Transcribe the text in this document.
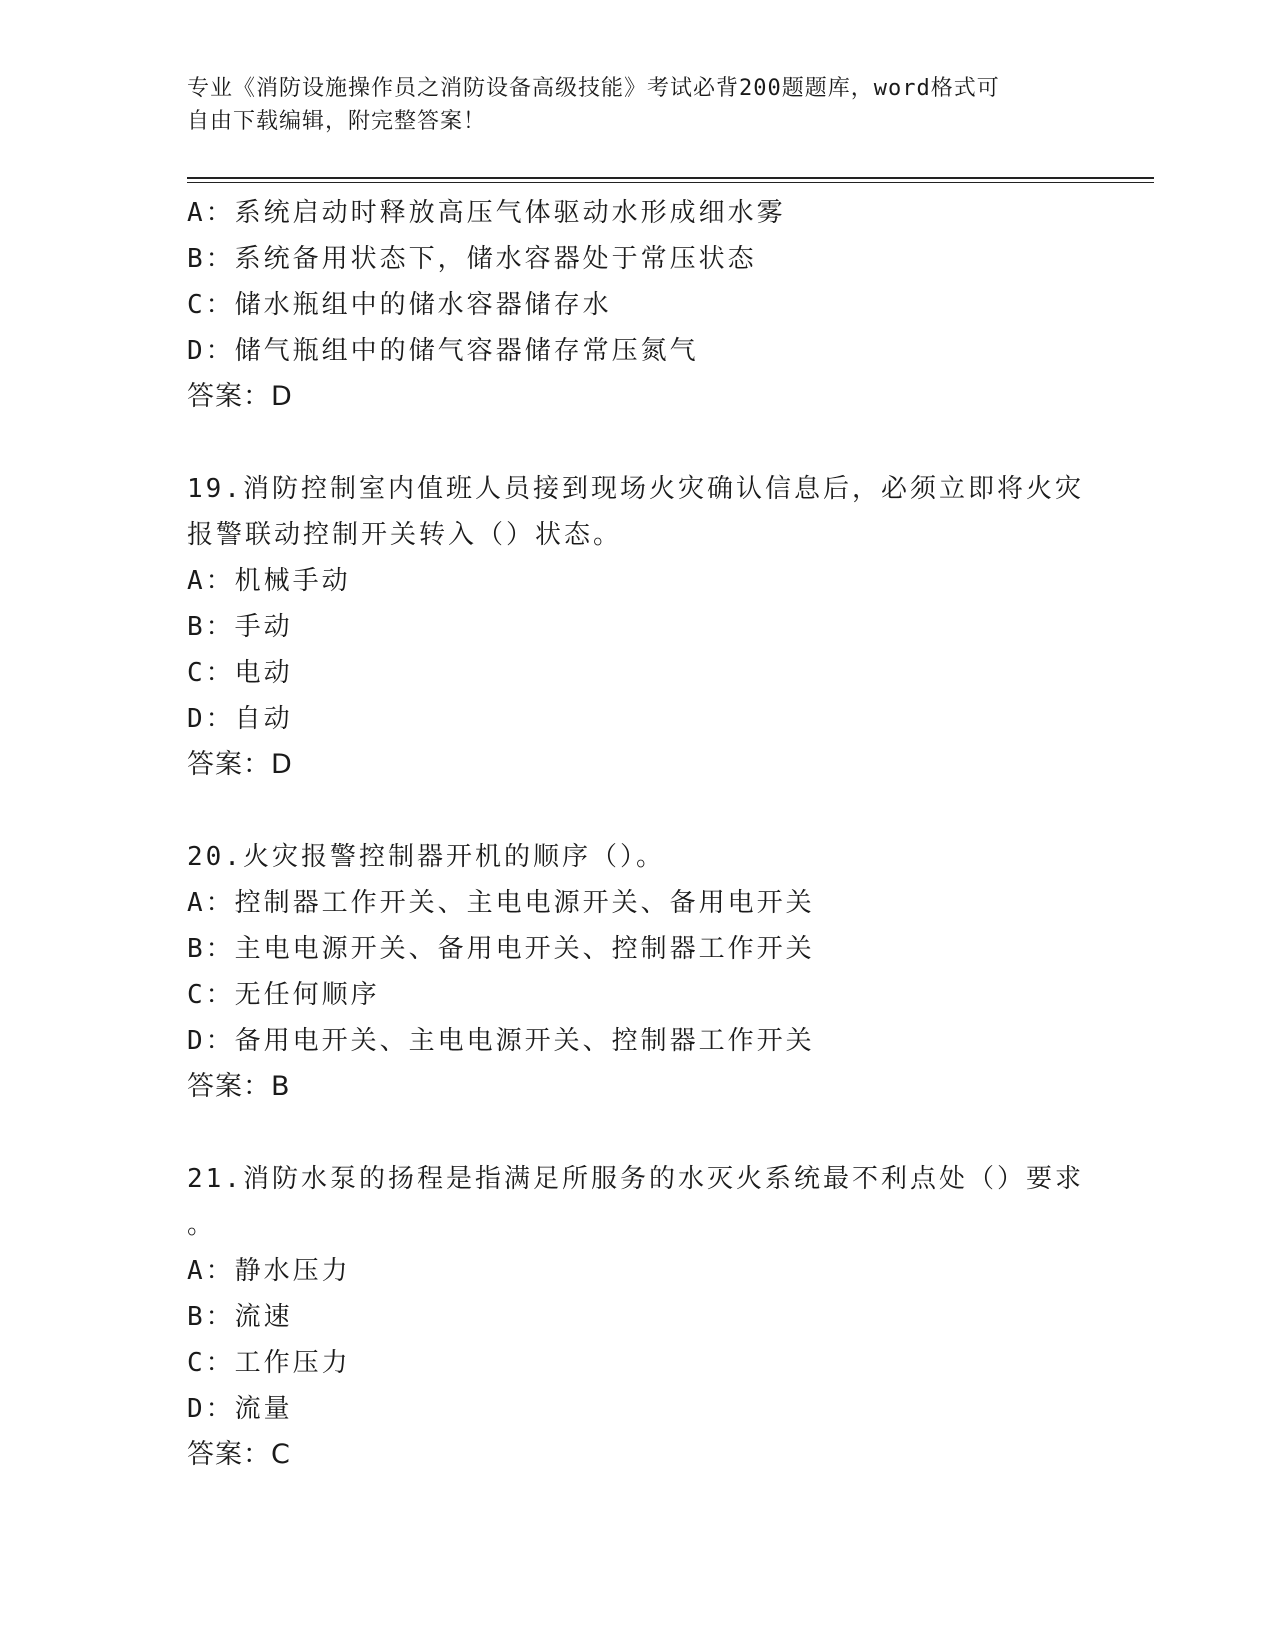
专业《消防设施操作员之消防设备高级技能》考试必背200题题库，word格式可
自由下载编辑，附完整答案！
A：系统启动时释放高压气体驱动水形成细水雾
B：系统备用状态下，储水容器处于常压状态
C：储水瓶组中的储水容器储存水
D：储气瓶组中的储气容器储存常压氮气
答案：D
19.消防控制室内值班人员接到现场火灾确认信息后，必须立即将火灾
报警联动控制开关转入（）状态。
A：机械手动
B：手动
C：电动
D：自动
答案：D
20.火灾报警控制器开机的顺序（）。
A：控制器工作开关、主电电源开关、备用电开关
B：主电电源开关、备用电开关、控制器工作开关
C：无任何顺序
D：备用电开关、主电电源开关、控制器工作开关
答案：B
21.消防水泵的扬程是指满足所服务的水灭火系统最不利点处（）要求
。
A：静水压力
B：流速
C：工作压力
D：流量
答案：C
